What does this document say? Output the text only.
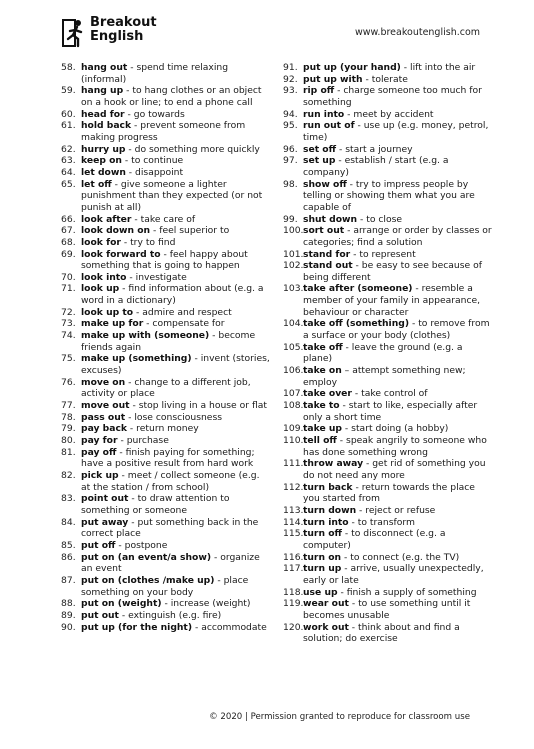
Breakout
English	www.breakoutenglish.com
58. hang out - spend time relaxing (informal)
59. hang up - to hang clothes or an object on a hook or line; to end a phone call
60. head for - go towards
61. hold back - prevent someone from making progress
62. hurry up - do something more quickly
63. keep on - to continue
64. let down - disappoint
65. let off - give someone a lighter punishment than they expected (or not punish at all)
66. look after - take care of
67. look down on - feel superior to
68. look for - try to find
69. look forward to - feel happy about something that is going to happen
70. look into - investigate
71. look up - find information about (e.g. a word in a dictionary)
72. look up to - admire and respect
73. make up for - compensate for
74. make up with (someone) - become friends again
75. make up (something) - invent (stories, excuses)
76. move on - change to a different job, activity or place
77. move out - stop living in a house or flat
78. pass out - lose consciousness
79. pay back - return money
80. pay for - purchase
81. pay off - finish paying for something; have a positive result from hard work
82. pick up - meet / collect someone (e.g. at the station / from school)
83. point out - to draw attention to something or someone
84. put away - put something back in the correct place
85. put off - postpone
86. put on (an event/a show) - organize an event
87. put on (clothes /make up) - place something on your body
88. put on (weight) - increase (weight)
89. put out - extinguish (e.g. fire)
90. put up (for the night) - accommodate
91. put up (your hand) - lift into the air
92. put up with - tolerate
93. rip off - charge someone too much for something
94. run into - meet by accident
95. run out of - use up (e.g. money, petrol, time)
96. set off - start a journey
97. set up - establish / start (e.g. a company)
98. show off - try to impress people by telling or showing them what you are capable of
99. shut down - to close
100. sort out - arrange or order by classes or categories; find a solution
101. stand for - to represent
102. stand out - be easy to see because of being different
103. take after (someone) - resemble a member of your family in appearance, behaviour or character
104. take off (something) - to remove from a surface or your body (clothes)
105. take off - leave the ground (e.g. a plane)
106. take on – attempt something new; employ
107. take over - take control of
108. take to - start to like, especially after only a short time
109. take up - start doing (a hobby)
110. tell off - speak angrily to someone who has done something wrong
111. throw away - get rid of something you do not need any more
112. turn back - return towards the place you started from
113. turn down - reject or refuse
114. turn into - to transform
115. turn off - to disconnect (e.g. a computer)
116. turn on - to connect (e.g. the TV)
117. turn up - arrive, usually unexpectedly, early or late
118. use up - finish a supply of something
119. wear out - to use something until it becomes unusable
120. work out - think about and find a solution; do exercise
© 2020 | Permission granted to reproduce for classroom use
